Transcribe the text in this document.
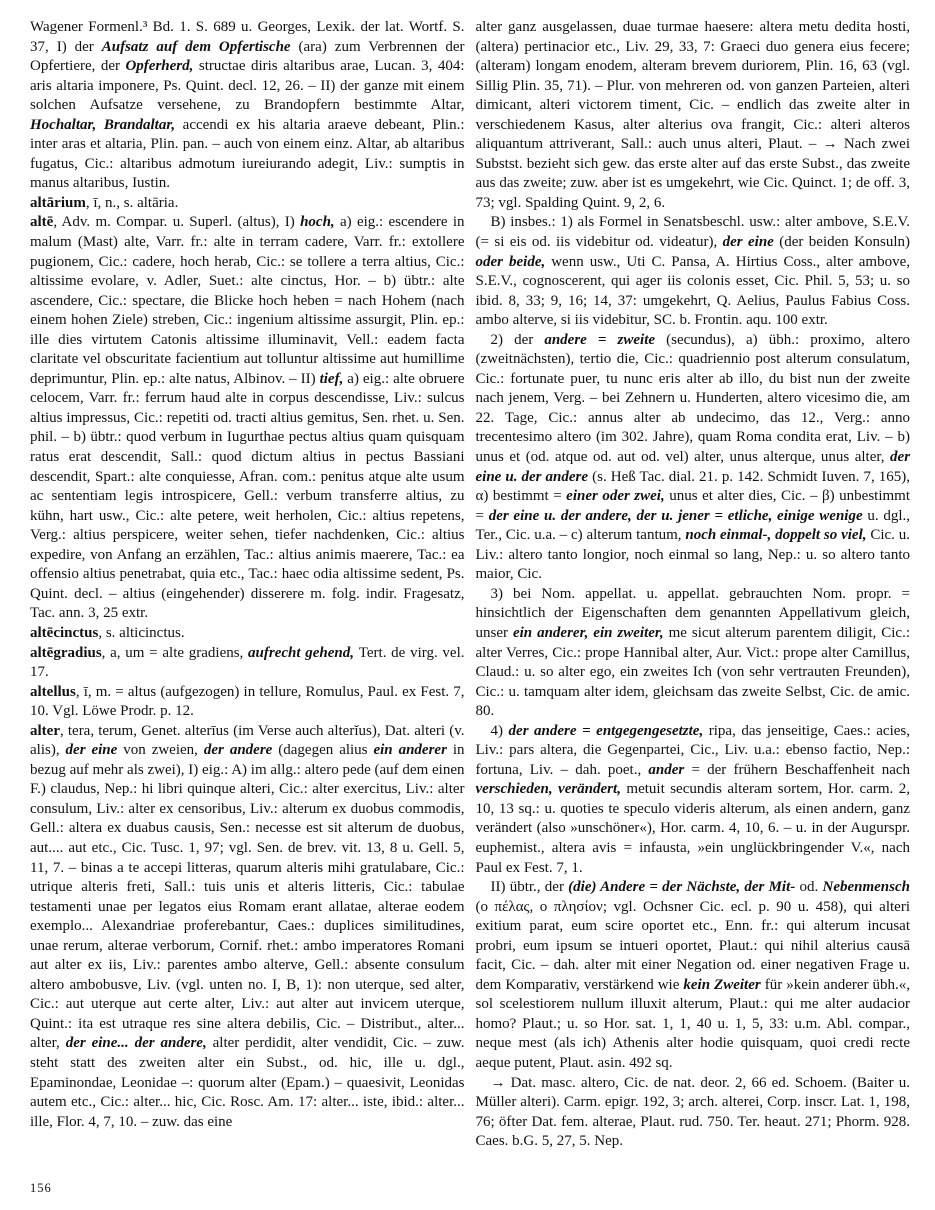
Wagener Formenl.³ Bd. 1. S. 689 u. Georges, Lexik. der lat. Wortf. S. 37, I) der Aufsatz auf dem Opfertische (ara) zum Verbrennen der Opfertiere, der Opferherd, structae diris altaribus arae, Lucan. 3, 404: aris altaria imponere, Ps. Quint. decl. 12, 26. – II) der ganze mit einem solchen Aufsatze versehene, zu Brandopfern bestimmte Altar, Hochaltar, Brandaltar, accendi ex his altaria araeve debeant, Plin.: inter aras et altaria, Plin. pan. – auch von einem einz. Altar, ab altaribus fugatus, Cic.: altaribus admotum iureiurando adegit, Liv.: sumptis in manus altaribus, Iustin.

altārium, ī, n., s. altāria.

altē, Adv. m. Compar. u. Superl. (altus), I) hoch, a) eig.: escendere in malum (Mast) alte, Varr. fr.: alte in terram cadere, Varr. fr.: extollere pugionem, Cic.: cadere, hoch herab, Cic.: se tollere a terra altius, Cic.: altissime evolare, v. Adler, Suet.: alte cinctus, Hor. – b) übtr.: alte ascendere, Cic.: spectare, die Blicke hoch heben = nach Hohem (nach einem hohen Ziele) streben, Cic.: ingenium altissime assurgit, Plin. ep.: ille dies virtutem Catonis altissime illuminavit, Vell.: eadem facta claritate vel obscuritate facientium aut tolluntur altissime aut humillime deprimuntur, Plin. ep.: alte natus, Albinov. – II) tief, a) eig.: alte obruere celocem, Varr. fr.: ferrum haud alte in corpus descendisse, Liv.: sulcus altius impressus, Cic.: repetiti od. tracti altius gemitus, Sen. rhet. u. Sen. phil. – b) übtr.: quod verbum in Iugurthae pectus altius quam quisquam ratus erat descendit, Sall.: quod dictum altius in pectus Bassiani descendit, Spart.: alte conquiesse, Afran. com.: penitus atque alte usum ac sententiam legis introspicere, Gell.: verbum transferre altius, zu kühn, hart usw., Cic.: alte petere, weit herholen, Cic.: altius repetens, Verg.: altius perspicere, weiter sehen, tiefer nachdenken, Cic.: altius expedire, von Anfang an erzählen, Tac.: altius animis maerere, Tac.: ea offensio altius penetrabat, quia etc., Tac.: haec odia altissime sedent, Ps. Quint. decl. – altius (eingehender) disserere m. folg. indir. Fragesatz, Tac. ann. 3, 25 extr.

altēcinctus, s. alticinctus.

altēgradius, a, um = alte gradiens, aufrecht gehend, Tert. de virg. vel. 17.

altellus, ī, m. = altus (aufgezogen) in tellure, Romulus, Paul. ex Fest. 7, 10. Vgl. Löwe Prodr. p. 12.

alter, tera, terum, Genet. alterīus (im Verse auch alterĭus), Dat. alteri (v. alis), der eine von zweien, der andere (dagegen alius ein anderer in bezug auf mehr als zwei), I) eig.: A) im allg.: altero pede (auf dem einen F.) claudus, Nep.: hi libri quinque alteri, Cic.: alter exercitus, Liv.: alter consulum, Liv.: alter ex censoribus, Liv.: alterum ex duobus commodis, Gell.: altera ex duabus causis, Sen.: necesse est sit alterum de duobus, aut.... aut etc., Cic. Tusc. 1, 97; vgl. Sen. de brev. vit. 13, 8 u. Gell. 5, 11, 7. – binas a te accepi litteras, quarum alteris mihi gratulabare, Cic.: utrique alteris freti, Sall.: tuis unis et alteris litteris, Cic.: tabulae testamenti unae per legatos eius Romam erant allatae, alterae eodem exemplo... Alexandriae proferebantur, Caes.: duplices similitudines, unae rerum, alterae verborum, Cornif. rhet.: ambo imperatores Romani aut alter ex iis, Liv.: parentes ambo alterve, Gell.: absente consulum altero ambobusve, Liv. (vgl. unten no. I, B, 1): non uterque, sed alter, Cic.: aut uterque aut certe alter, Liv.: aut alter aut invicem uterque, Quint.: ita est utraque res sine altera debilis, Cic. – Distribut., alter... alter, der eine... der andere, alter perdidit, alter vendidit, Cic. – zuw. steht statt des zweiten alter ein Subst., od. hic, ille u. dgl., Epaminondae, Leonidae –: quorum alter (Epam.) – quaesivit, Leonidas autem etc., Cic.: alter... hic, Cic. Rosc. Am. 17: alter... iste, ibid.: alter... ille, Flor. 4, 7, 10. – zuw. das eine

alter ganz ausgelassen, duae turmae haesere: altera metu dedita hosti, (altera) pertinacior etc., Liv. 29, 33, 7: Graeci duo genera eius fecere; (alteram) longam enodem, alteram brevem duriorem, Plin. 16, 63 (vgl. Sillig Plin. 35, 71). – Plur. von mehreren od. von ganzen Parteien, alteri dimicant, alteri victorem timent, Cic. – endlich das zweite alter in verschiedenem Kasus, alter alterius ova frangit, Cic.: alteri alteros aliquantum attriverant, Sall.: auch unus alteri, Plaut. – → Nach zwei Substst. bezieht sich gew. das erste alter auf das erste Subst., das zweite aus das zweite; zuw. aber ist es umgekehrt, wie Cic. Quinct. 1; de off. 3, 73; vgl. Spalding Quint. 9, 2, 6.

B) insbes.: 1) als Formel in Senatsbeschl. usw.: alter ambove, S.E.V. (= si eis od. iis videbitur od. videatur), der eine (der beiden Konsuln) oder beide, wenn usw., Uti C. Pansa, A. Hirtius Coss., alter ambove, S.E.V., cognoscerent, qui ager iis colonis esset, Cic. Phil. 5, 53; u. so ibid. 8, 33; 9, 16; 14, 37: umgekehrt, Q. Aelius, Paulus Fabius Coss. ambo alterve, si iis videbitur, SC. b. Frontin. aqu. 100 extr.

2) der andere = zweite (secundus), a) übh.: proximo, altero (zweitnächsten), tertio die, Cic.: quadriennio post alterum consulatum, Cic.: fortunate puer, tu nunc eris alter ab illo, du bist nun der zweite nach jenem, Verg. – bei Zehnern u. Hunderten, altero vicesimo die, am 22. Tage, Cic.: annus alter ab undecimo, das 12., Verg.: anno trecentesimo altero (im 302. Jahre), quam Roma condita erat, Liv. – b) unus et (od. atque od. aut od. vel) alter, unus alterque, unus alter, der eine u. der andere (s. Heß Tac. dial. 21. p. 142. Schmidt Iuven. 7, 165), α) bestimmt = einer oder zwei, unus et alter dies, Cic. – β) unbestimmt = der eine u. der andere, der u. jener = etliche, einige wenige u. dgl., Ter., Cic. u.a. – c) alterum tantum, noch einmal-, doppelt so viel, Cic. u. Liv.: altero tanto longior, noch einmal so lang, Nep.: u. so altero tanto maior, Cic.

3) bei Nom. appellat. u. appellat. gebrauchten Nom. propr. = hinsichtlich der Eigenschaften dem genannten Appellativum gleich, unser ein anderer, ein zweiter, me sicut alterum parentem diligit, Cic.: alter Verres, Cic.: prope Hannibal alter, Aur. Vict.: prope alter Camillus, Claud.: u. so alter ego, ein zweites Ich (von sehr vertrauten Freunden), Cic.: u. tamquam alter idem, gleichsam das zweite Selbst, Cic. de amic. 80.

4) der andere = entgegengesetzte, ripa, das jenseitige, Caes.: acies, Liv.: pars altera, die Gegenpartei, Cic., Liv. u.a.: ebenso factio, Nep.: fortuna, Liv. – dah. poet., ander = der frühern Beschaffenheit nach verschieden, verändert, metuit secundis alteram sortem, Hor. carm. 2, 10, 13 sq.: u. quoties te speculo videris alterum, als einen andern, ganz verändert (also »unschöner«), Hor. carm. 4, 10, 6. – u. in der Augurspr. euphemist., altera avis = infausta, »ein unglückbringender V.«, nach Paul ex Fest. 7, 1.

II) übtr., der (die) Andere = der Nächste, der Mit- od. Nebenmensch (ο πέλας, ο πλησίον; vgl. Ochsner Cic. ecl. p. 90 u. 458), qui alteri exitium parat, eum scire oportet etc., Enn. fr.: qui alterum incusat probri, eum ipsum se intueri oportet, Plaut.: qui nihil alterius causā facit, Cic. – dah. alter mit einer Negation od. einer negativen Frage u. dem Komparativ, verstärkend wie kein Zweiter für »kein anderer übh.«, sol scelestiorem nullum illuxit alterum, Plaut.: qui me alter audacior homo? Plaut.; u. so Hor. sat. 1, 1, 40 u. 1, 5, 33: u.m. Abl. compar., neque mest (als ich) Athenis alter hodie quisquam, quoi credi recte aeque putent, Plaut. asin. 492 sq.

→ Dat. masc. altero, Cic. de nat. deor. 2, 66 ed. Schoem. (Baiter u. Müller alteri). Carm. epigr. 192, 3; arch. alterei, Corp. inscr. Lat. 1, 198, 76; öfter Dat. fem. alterae, Plaut. rud. 750. Ter. heaut. 271; Phorm. 928. Caes. b.G. 5, 27, 5. Nep.

156
